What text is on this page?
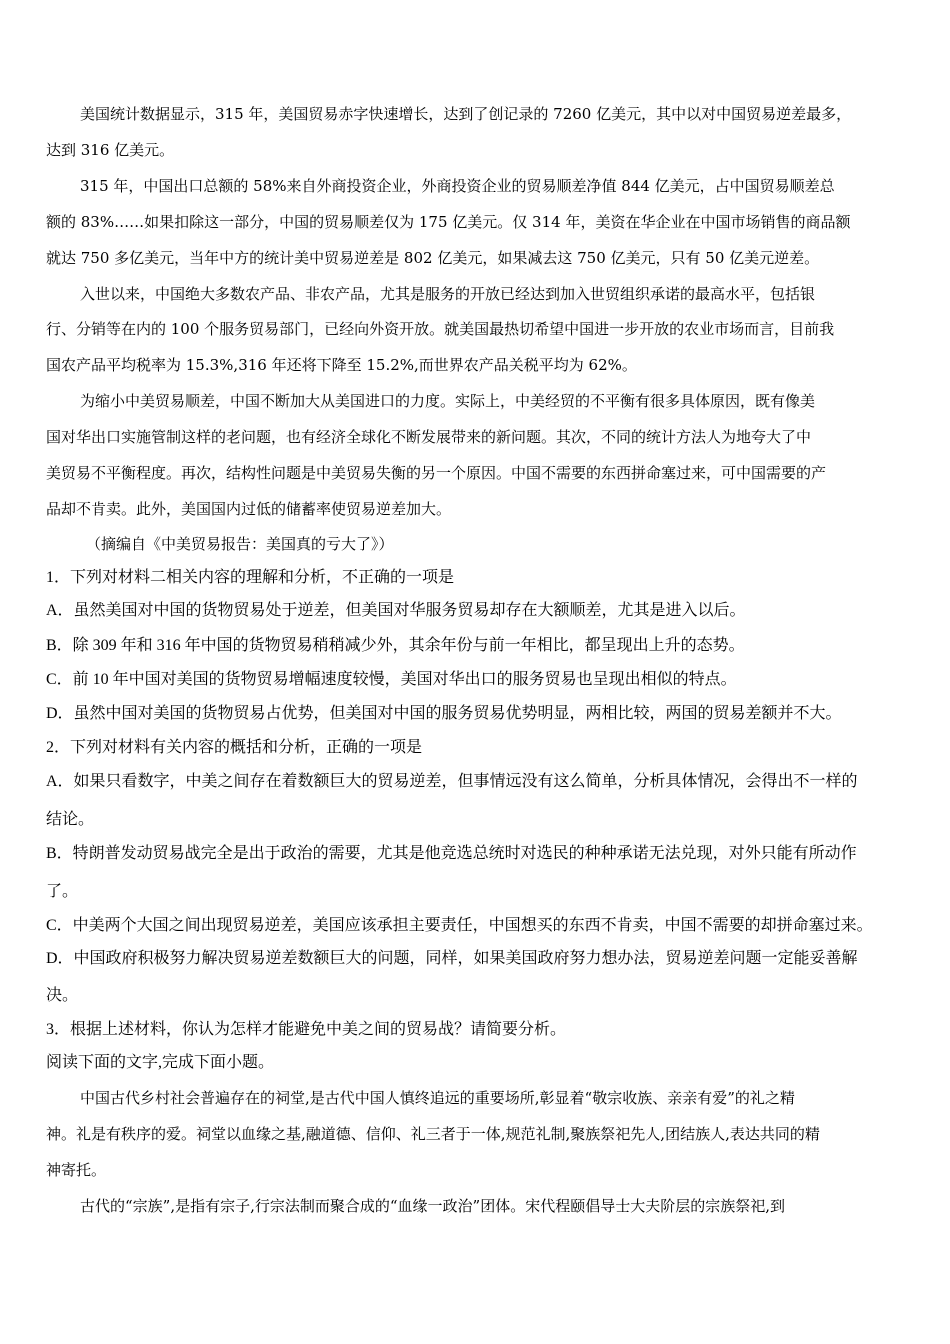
美国统计数据显示，315 年，美国贸易赤字快速增长，达到了创记录的 7260 亿美元，其中以对中国贸易逆差最多，
达到 316 亿美元。
315 年，中国出口总额的 58%来自外商投资企业，外商投资企业的贸易顺差净值 844 亿美元，占中国贸易顺差总
额的 83%……如果扣除这一部分，中国的贸易顺差仅为 175 亿美元。仅 314 年，美资在华企业在中国市场销售的商品额
就达 750 多亿美元，当年中方的统计美中贸易逆差是 802 亿美元，如果减去这 750 亿美元，只有 50 亿美元逆差。
入世以来，中国绝大多数农产品、非农产品，尤其是服务的开放已经达到加入世贸组织承诺的最高水平，包括银
行、分销等在内的 100 个服务贸易部门，已经向外资开放。就美国最热切希望中国进一步开放的农业市场而言，目前我
国农产品平均税率为 15.3%,316 年还将下降至 15.2%,而世界农产品关税平均为 62%。
为缩小中美贸易顺差，中国不断加大从美国进口的力度。实际上，中美经贸的不平衡有很多具体原因，既有像美
国对华出口实施管制这样的老问题，也有经济全球化不断发展带来的新问题。其次，不同的统计方法人为地夸大了中
美贸易不平衡程度。再次，结构性问题是中美贸易失衡的另一个原因。中国不需要的东西拼命塞过来，可中国需要的产
品却不肯卖。此外，美国国内过低的储蓄率使贸易逆差加大。
（摘编自《中美贸易报告：美国真的亏大了》）
1．下列对材料二相关内容的理解和分析，不正确的一项是
A．虽然美国对中国的货物贸易处于逆差，但美国对华服务贸易却存在大额顺差，尤其是进入以后。
B．除 309 年和 316 年中国的货物贸易稍稍减少外，其余年份与前一年相比，都呈现出上升的态势。
C．前 10 年中国对美国的货物贸易增幅速度较慢，美国对华出口的服务贸易也呈现出相似的特点。
D．虽然中国对美国的货物贸易占优势，但美国对中国的服务贸易优势明显，两相比较，两国的贸易差额并不大。
2．下列对材料有关内容的概括和分析，正确的一项是
A．如果只看数字，中美之间存在着数额巨大的贸易逆差，但事情远没有这么简单，分析具体情况，会得出不一样的
结论。
B．特朗普发动贸易战完全是出于政治的需要，尤其是他竞选总统时对选民的种种承诺无法兑现，对外只能有所动作
了。
C．中美两个大国之间出现贸易逆差，美国应该承担主要责任，中国想买的东西不肯卖，中国不需要的却拼命塞过来。
D．中国政府积极努力解决贸易逆差数额巨大的问题，同样，如果美国政府努力想办法，贸易逆差问题一定能妥善解
决。
3．根据上述材料，你认为怎样才能避免中美之间的贸易战？请简要分析。
阅读下面的文字,完成下面小题。
中国古代乡村社会普遍存在的祠堂,是古代中国人慎终追远的重要场所,彰显着“敬宗收族、亲亲有爱”的礼之精
神。礼是有秩序的爱。祠堂以血缘之基,融道德、信仰、礼三者于一体,规范礼制,聚族祭祀先人,团结族人,表达共同的精
神寄托。
古代的“宗族”,是指有宗子,行宗法制而聚合成的“血缘一政治”团体。宋代程颐倡导士大夫阶层的宗族祭祀,到
